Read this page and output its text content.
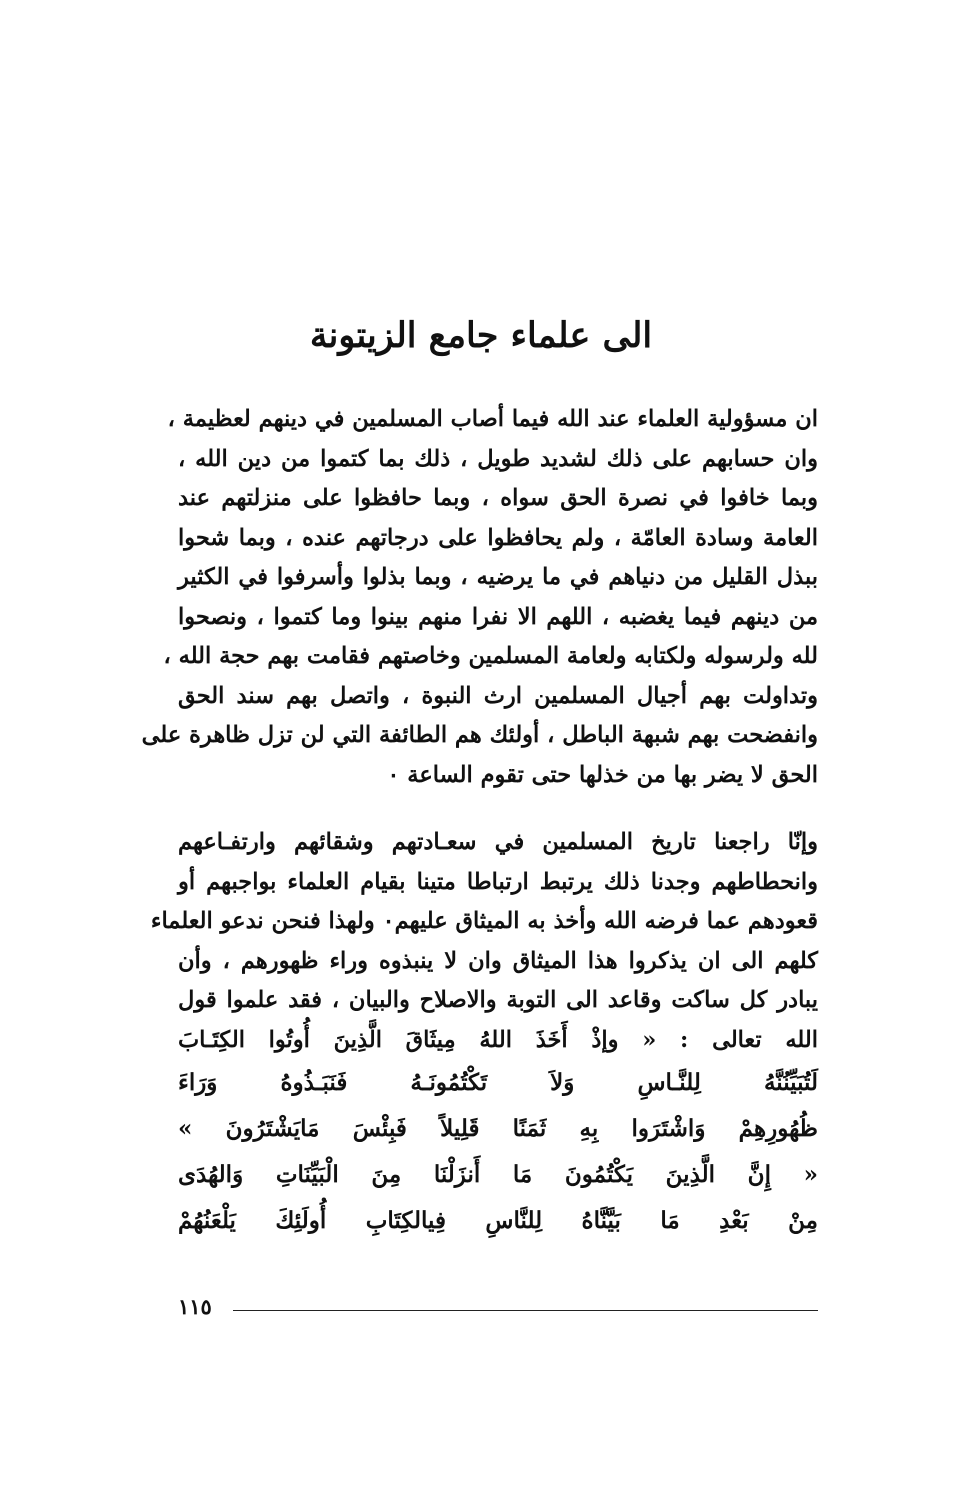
الى علماء جامع الزيتونة
ان مسؤولية العلماء عند الله فيما أصاب المسلمين في دينهم لعظيمة ،
وان حسابهم على ذلك لشديد طويل ، ذلك بما كتموا من دين الله ،
وبما خافوا في نصرة الحق سواه ، وبما حافظوا على منزلتهم عند
العامة وسادة العامّة ، ولم يحافظوا على درجاتهم عنده ، وبما شحوا
ببذل القليل من دنياهم في ما يرضيه ، وبما بذلوا وأسرفوا في الكثير
من دينهم فيما يغضبه ، اللهم الا نفرا منهم بينوا وما كتموا ، ونصحوا
لله ولرسوله ولكتابه ولعامة المسلمين وخاصتهم فقامت بهم حجة الله ،
وتداولت بهم أجيال المسلمين ارث النبوة ، واتصل بهم سند الحق
وانفضحت بهم شبهة الباطل ، أولئك هم الطائفة التي لن تزل ظاهرة على
الحق لا يضر بها من خذلها حتى تقوم الساعة ٠
وإنّا راجعنا تاريخ المسلمين في سعـادتهم وشقائهم وارتفـاعهم
وانحطاطهم وجدنا ذلك يرتبط ارتباطا متينا بقيام العلماء بواجبهم أو
قعودهم عما فرضه الله وأخذ به الميثاق عليهم٠ ولهذا فنحن ندعو العلماء
كلهم الى ان يذكروا هذا الميثاق وان لا ينبذوه وراء ظهورهم ، وأن
يبادر كل ساكت وقاعد الى التوبة والاصلاح والبيان ، فقد علموا قول
الله تعالى : « وإذْ أَخَذَ اللهُ مِيثَاقَ الَّذِينَ أُوتُوا الكِتَـابَ
لَتُبَيِّنُنَّهُ لِلنَّـاسِ وَلاَ تَكْتُمُونَـهُ فَنَبَـذُوهُ وَرَاءَ
ظُهُورِهِمْ وَاشْتَرَوا بِهِ ثَمَنًا قَلِيلاً فَبِئْسَ مَايَشْتَرُونَ »
« إِنَّ الَّذِينَ يَكْتُمُونَ مَا أَنزَلْنَا مِنَ الْبَيِّنَاتِ وَالهُدَى
مِنْ بَعْدِ مَا بَيَّنَّاهُ لِلنَّاسِ فِيالكِتَابِ أُولَئِكَ يَلْعَنُهُمْ
١١٥
